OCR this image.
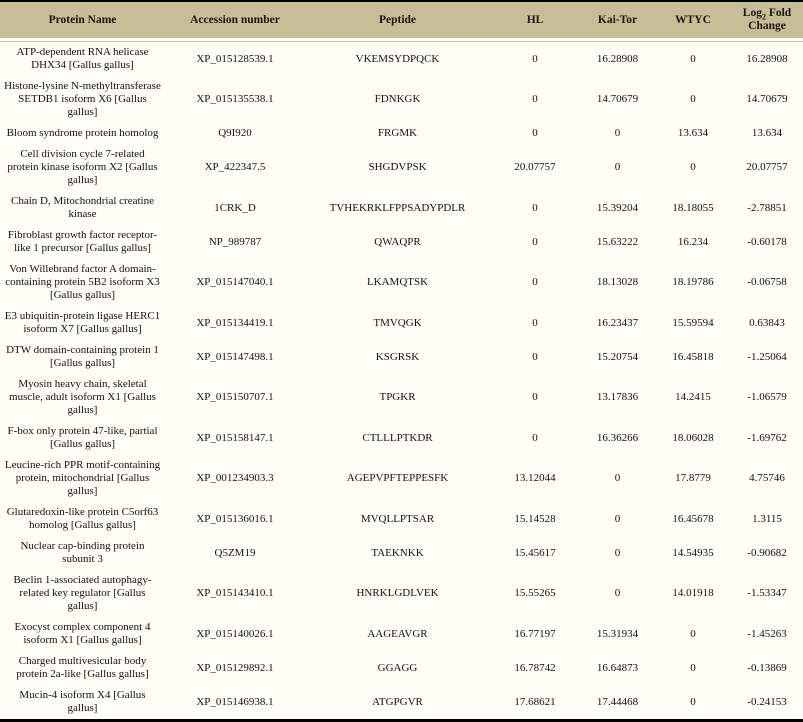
Protein Name	Accession number	Peptide	HL	Kai-Tor	WTYC	Log$_2$ Fold Change
ATP-dependent RNA helicase DHX34 [Gallus gallus]	XP_015128539.1	VKEMSYDPQCK	0	16.28908	0	16.28908
Histone-lysine N-methyltransferase SETDB1 isoform X6 [Gallus gallus]	XP_015135538.1	FDNKGK	0	14.70679	0	14.70679
Bloom syndrome protein homolog	Q9I920	FRGMK	0	0	13.634	13.634
Cell division cycle 7-related protein kinase isoform X2 [Gallus gallus]	XP_422347.5	SHGDVPSK	20.07757	0	0	20.07757
Chain D, Mitochondrial creatine kinase	1CRK_D	TVHEKRKLFPPSADYPDLR	0	15.39204	18.18055	-2.78851
Fibroblast growth factor receptor-like 1 precursor [Gallus gallus]	NP_989787	QWAQPR	0	15.63222	16.234	-0.60178
Von Willebrand factor A domain-containing protein 5B2 isoform X3 [Gallus gallus]	XP_015147040.1	LKAMQTSK	0	18.13028	18.19786	-0.06758
E3 ubiquitin-protein ligase HERC1 isoform X7 [Gallus gallus]	XP_015134419.1	TMVQGK	0	16.23437	15.59594	0.63843
DTW domain-containing protein 1 [Gallus gallus]	XP_015147498.1	KSGRSK	0	15.20754	16.45818	-1.25064
Myosin heavy chain, skeletal muscle, adult isoform X1 [Gallus gallus]	XP_015150707.1	TPGKR	0	13.17836	14.2415	-1.06579
F-box only protein 47-like, partial [Gallus gallus]	XP_015158147.1	CTLLLPTKDR	0	16.36266	18.06028	-1.69762
Leucine-rich PPR motif-containing protein, mitochondrial [Gallus gallus]	XP_001234903.3	AGEPVPFTEPPESFK	13.12044	0	17.8779	4.75746
Glutaredoxin-like protein C5orf63 homolog [Gallus gallus]	XP_015136016.1	MVQLLPTSAR	15.14528	0	16.45678	1.3115
Nuclear cap-binding protein subunit 3	Q5ZM19	TAEKNKK	15.45617	0	14.54935	-0.90682
Beclin 1-associated autophagy-related key regulator [Gallus gallus]	XP_015143410.1	HNRKLGDLVEK	15.55265	0	14.01918	-1.53347
Exocyst complex component 4 isoform X1 [Gallus gallus]	XP_015140026.1	AAGEAVGR	16.77197	15.31934	0	-1.45263
Charged multivesicular body protein 2a-like [Gallus gallus]	XP_015129892.1	GGAGG	16.78742	16.64873	0	-0.13869
Mucin-4 isoform X4 [Gallus gallus]	XP_015146938.1	ATGPGVR	17.68621	17.44468	0	-0.24153
